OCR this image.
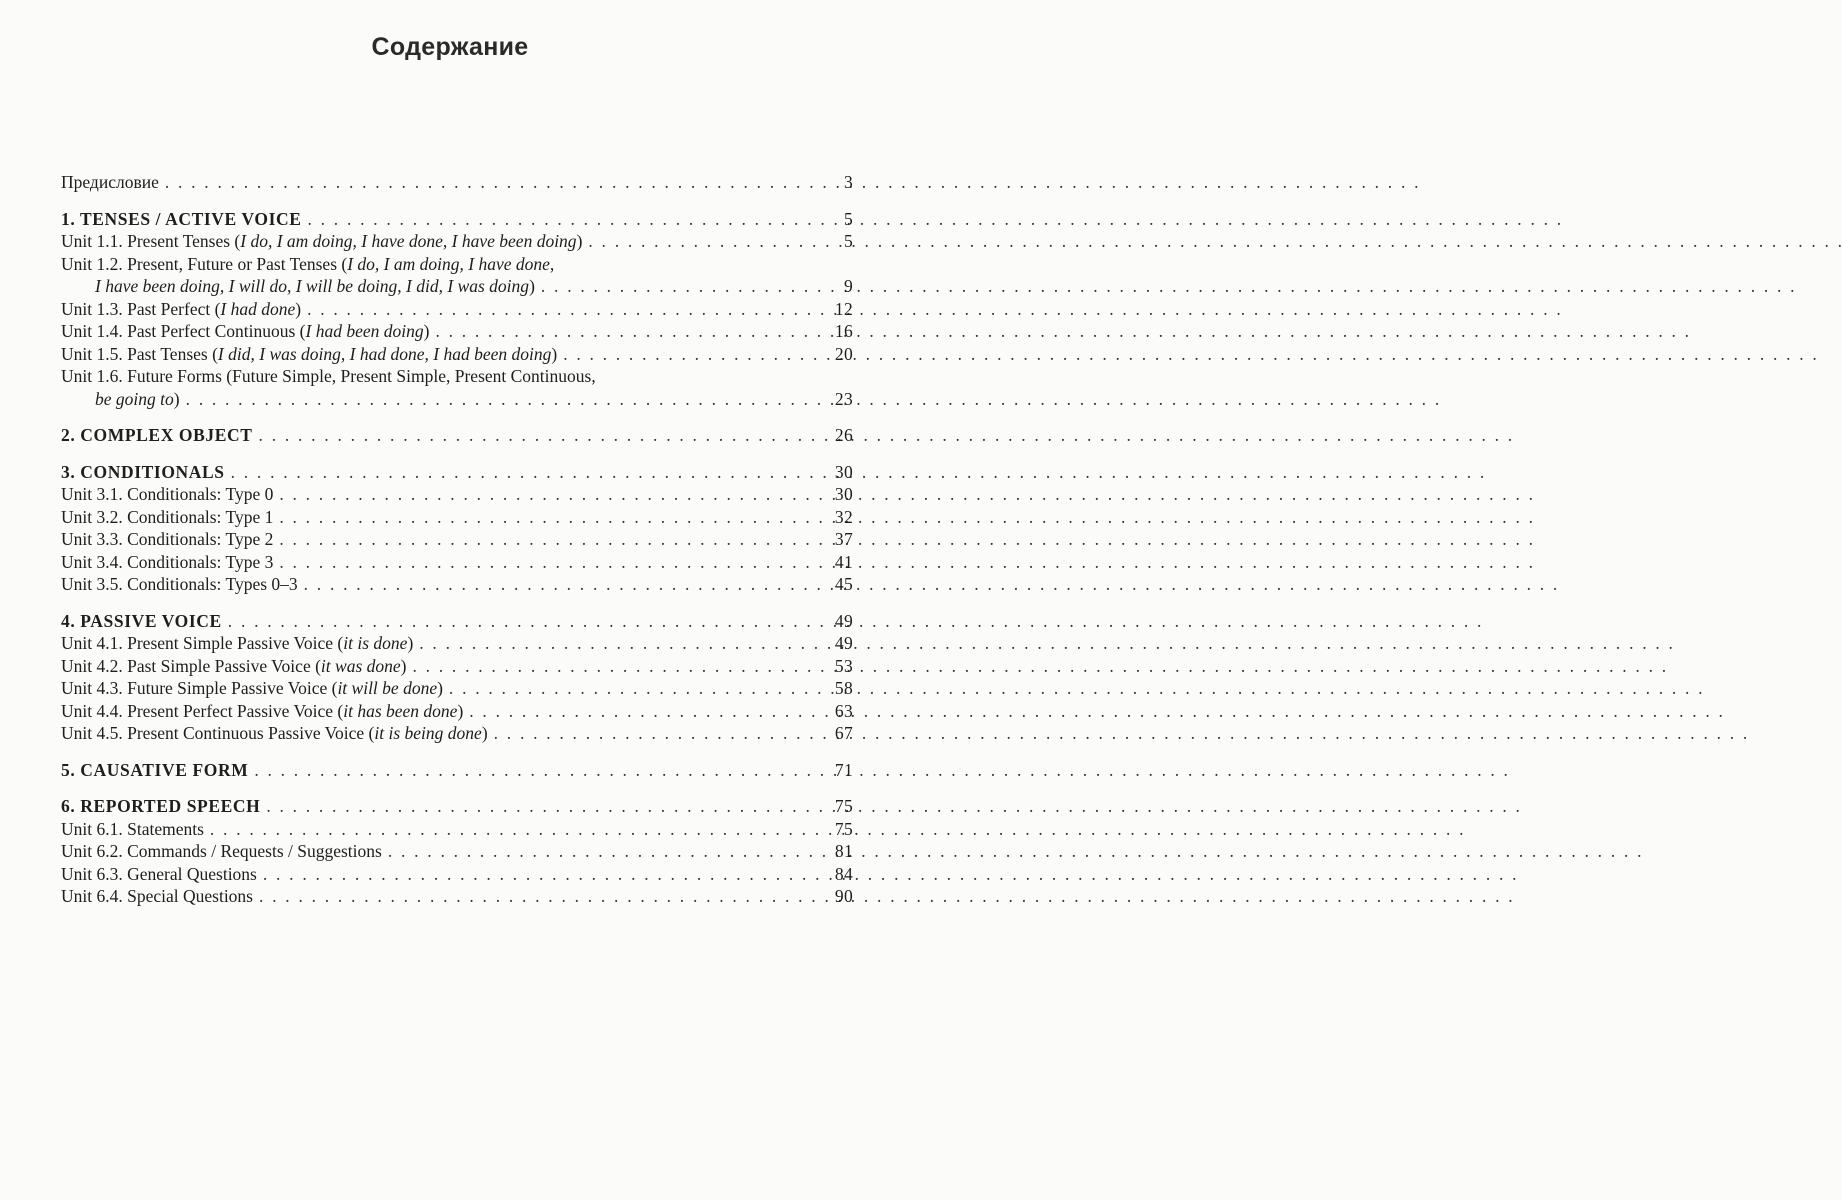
Содержание
Предисловие . . .	3
1. TENSES / ACTIVE VOICE . . .	5
Unit 1.1. Present Tenses (I do, I am doing, I have done, I have been doing) . . .	5
Unit 1.2. Present, Future or Past Tenses (I do, I am doing, I have done,
I have been doing, I will do, I will be doing, I did, I was doing) . . .	9
Unit 1.3. Past Perfect (I had done) . . .	12
Unit 1.4. Past Perfect Continuous (I had been doing) . . .	16
Unit 1.5. Past Tenses (I did, I was doing, I had done, I had been doing) . . .	20
Unit 1.6. Future Forms (Future Simple, Present Simple, Present Continuous,
be going to) . . .	23
2. COMPLEX OBJECT . . .	26
3. CONDITIONALS . . .	30
Unit 3.1. Conditionals: Type 0 . . .	30
Unit 3.2. Conditionals: Type 1 . . .	32
Unit 3.3. Conditionals: Type 2 . . .	37
Unit 3.4. Conditionals: Type 3 . . .	41
Unit 3.5. Conditionals: Types 0–3 . . .	45
4. PASSIVE VOICE . . .	49
Unit 4.1. Present Simple Passive Voice (it is done) . . .	49
Unit 4.2. Past Simple Passive Voice (it was done) . . .	53
Unit 4.3. Future Simple Passive Voice (it will be done) . . .	58
Unit 4.4. Present Perfect Passive Voice (it has been done) . . .	63
Unit 4.5. Present Continuous Passive Voice (it is being done) . . .	67
5. CAUSATIVE FORM . . .	71
6. REPORTED SPEECH . . .	75
Unit 6.1. Statements . . .	75
Unit 6.2. Commands / Requests / Suggestions . . .	81
Unit 6.3. General Questions . . .	84
Unit 6.4. Special Questions . . .	90
